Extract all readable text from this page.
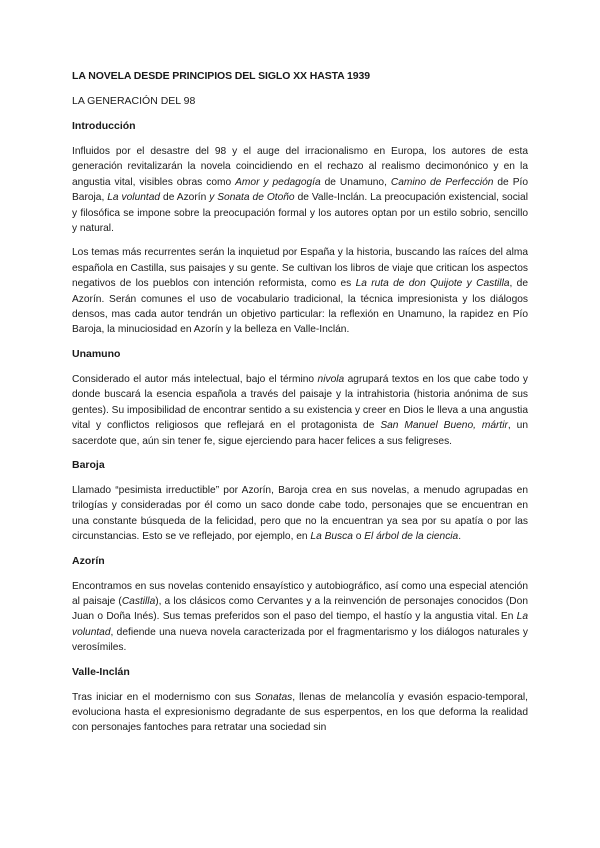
LA NOVELA DESDE PRINCIPIOS DEL SIGLO XX HASTA 1939
LA GENERACIÓN DEL 98
Introducción

Influidos por el desastre del 98 y el auge del irracionalismo en Europa, los autores de esta generación revitalizarán la novela coincidiendo en el rechazo al realismo decimonónico y en la angustia vital, visibles obras como Amor y pedagogía de Unamuno, Camino de Perfección de Pío Baroja, La voluntad de Azorín y Sonata de Otoño de Valle-Inclán. La preocupación existencial, social y filosófica se impone sobre la preocupación formal y los autores optan por un estilo sobrio, sencillo y natural.

Los temas más recurrentes serán la inquietud por España y la historia, buscando las raíces del alma española en Castilla, sus paisajes y su gente. Se cultivan los libros de viaje que critican los aspectos negativos de los pueblos con intención reformista, como es La ruta de don Quijote y Castilla, de Azorín. Serán comunes el uso de vocabulario tradicional, la técnica impresionista y los diálogos densos, mas cada autor tendrán un objetivo particular: la reflexión en Unamuno, la rapidez en Pío Baroja, la minuciosidad en Azorín y la belleza en Valle-Inclán.

Unamuno

Considerado el autor más intelectual, bajo el término nivola agrupará textos en los que cabe todo y donde buscará la esencia española a través del paisaje y la intrahistoria (historia anónima de sus gentes). Su imposibilidad de encontrar sentido a su existencia y creer en Dios le lleva a una angustia vital y conflictos religiosos que reflejará en el protagonista de San Manuel Bueno, mártir, un sacerdote que, aún sin tener fe, sigue ejerciendo para hacer felices a sus feligreses.

Baroja

Llamado “pesimista irreductible” por Azorín, Baroja crea en sus novelas, a menudo agrupadas en trilogías y consideradas por él como un saco donde cabe todo, personajes que se encuentran en una constante búsqueda de la felicidad, pero que no la encuentran ya sea por su apatía o por las circunstancias. Esto se ve reflejado, por ejemplo, en La Busca o El árbol de la ciencia.

Azorín

Encontramos en sus novelas contenido ensayístico y autobiográfico, así como una especial atención al paisaje (Castilla), a los clásicos como Cervantes y a la reinvención de personajes conocidos (Don Juan o Doña Inés). Sus temas preferidos son el paso del tiempo, el hastío y la angustia vital. En La voluntad, defiende una nueva novela caracterizada por el fragmentarismo y los diálogos naturales y verosímiles.

Valle-Inclán

Tras iniciar en el modernismo con sus Sonatas, llenas de melancolía y evasión espacio-temporal, evoluciona hasta el expresionismo degradante de sus esperpentos, en los que deforma la realidad con personajes fantoches para retratar una sociedad sin
